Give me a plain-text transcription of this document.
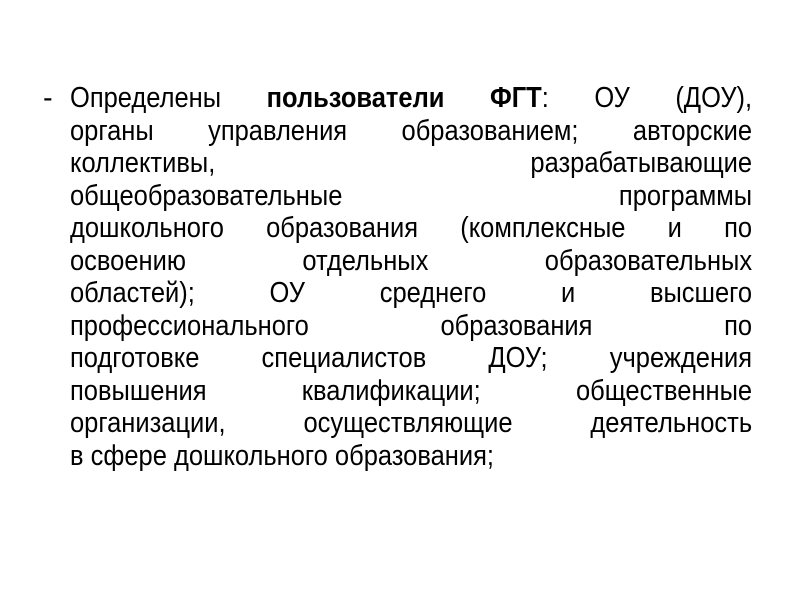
- Определены пользователи ФГТ: ОУ (ДОУ),
органы управления образованием; авторские
коллективы, разрабатывающие
общеобразовательные программы
дошкольного образования (комплексные и по
освоению отдельных образовательных
областей); ОУ среднего и высшего
профессионального образования по
подготовке специалистов ДОУ; учреждения
повышения квалификации; общественные
организации, осуществляющие деятельность
в сфере дошкольного образования;
